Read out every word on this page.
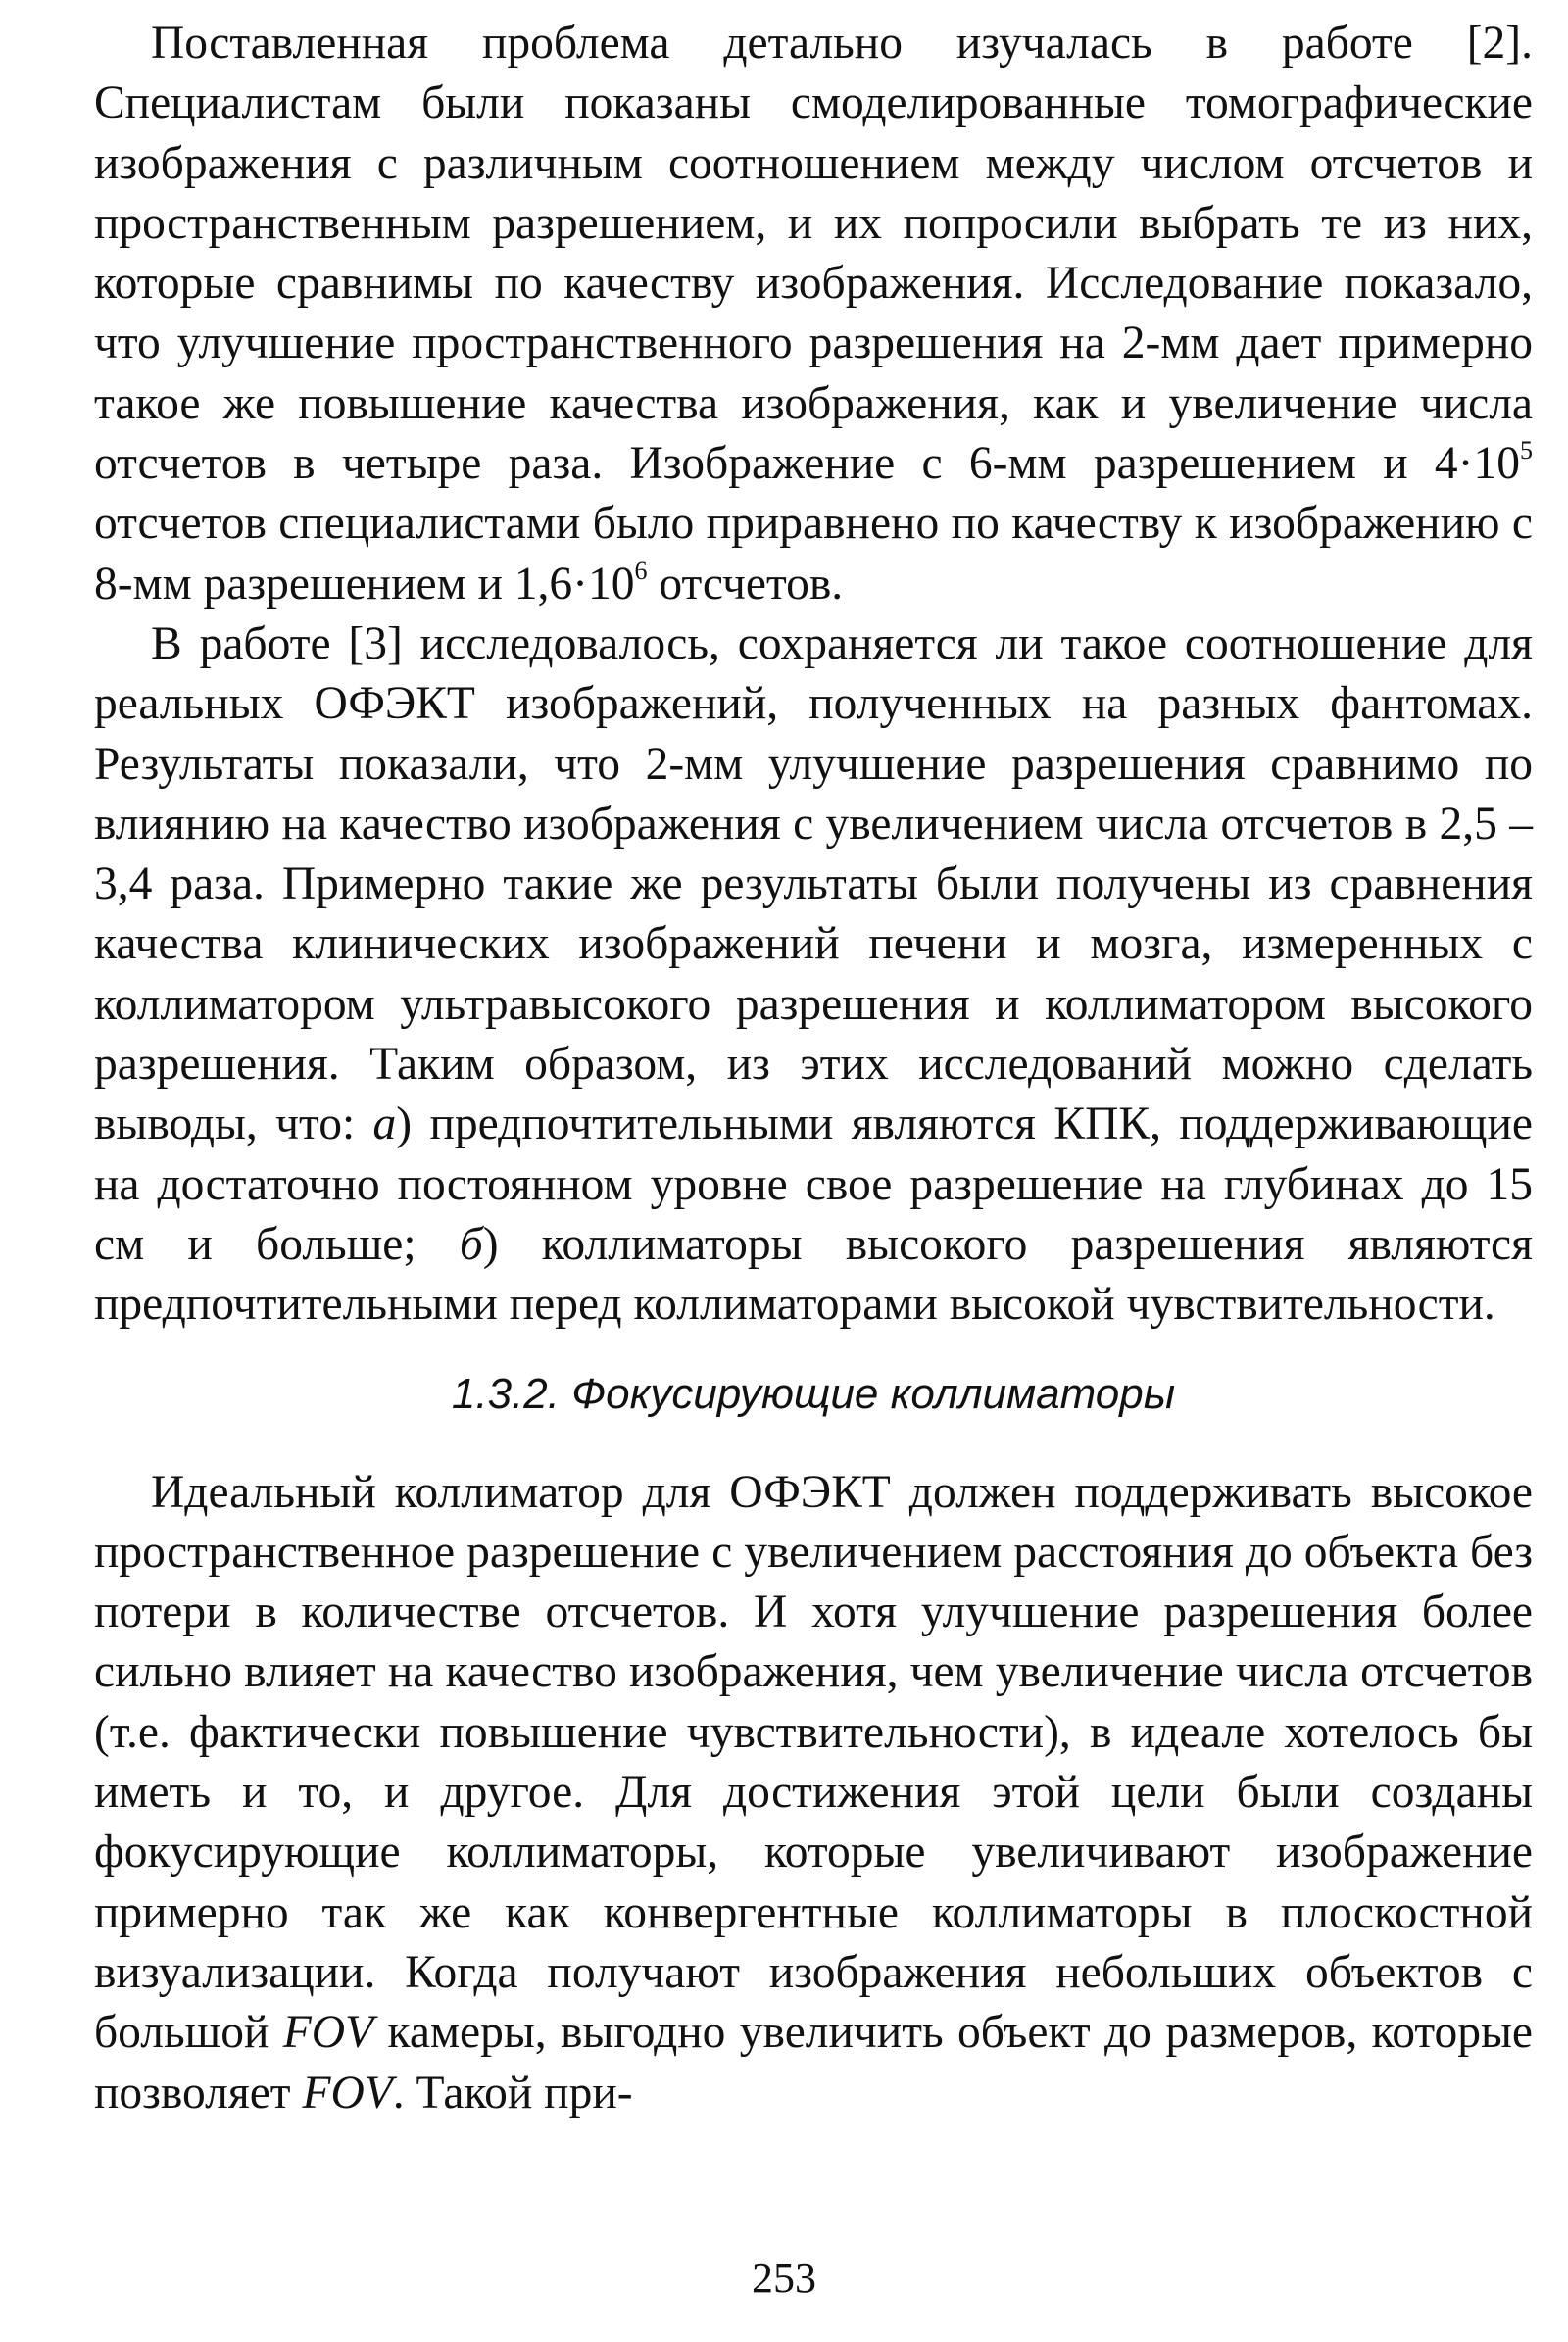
Поставленная проблема детально изучалась в работе [2]. Специалистам были показаны смоделированные томографические изображения с различным соотношением между числом отсчетов и пространственным разрешением, и их попросили выбрать те из них, которые сравнимы по качеству изображения. Исследование показало, что улучшение пространственного разрешения на 2-мм дает примерно такое же повышение качества изображения, как и увеличение числа отсчетов в четыре раза. Изображение с 6-мм разрешением и $4\cdot 10^5$ отсчетов специалистами было приравнено по качеству к изображению с 8-мм разрешением и $1,6\cdot 10^6$ отсчетов.

В работе [3] исследовалось, сохраняется ли такое соотношение для реальных ОФЭКТ изображений, полученных на разных фантомах. Результаты показали, что 2-мм улучшение разрешения сравнимо по влиянию на качество изображения с увеличением числа отсчетов в 2,5 – 3,4 раза. Примерно такие же результаты были получены из сравнения качества клинических изображений печени и мозга, измеренных с коллиматором ультравысокого разрешения и коллиматором высокого разрешения. Таким образом, из этих исследований можно сделать выводы, что: а) предпочтительными являются КПК, поддерживающие на достаточно постоянном уровне свое разрешение на глубинах до 15 см и больше; б) коллиматоры высокого разрешения являются предпочтительными перед коллиматорами высокой чувствительности.

1.3.2. Фокусирующие коллиматоры

Идеальный коллиматор для ОФЭКТ должен поддерживать высокое пространственное разрешение с увеличением расстояния до объекта без потери в количестве отсчетов. И хотя улучшение разрешения более сильно влияет на качество изображения, чем увеличение числа отсчетов (т.е. фактически повышение чувствительности), в идеале хотелось бы иметь и то, и другое. Для достижения этой цели были созданы фокусирующие коллиматоры, которые увеличивают изображение примерно так же как конвергентные коллиматоры в плоскостной визуализации. Когда получают изображения небольших объектов с большой FOV камеры, выгодно увеличить объект до размеров, которые позволяет FOV. Такой при-

253
